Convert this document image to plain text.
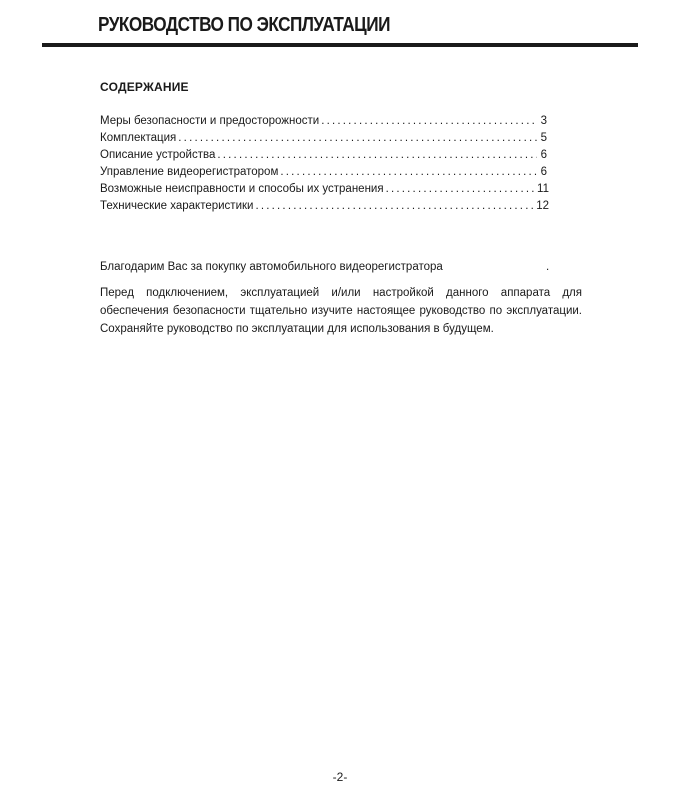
РУКОВОДСТВО ПО ЭКСПЛУАТАЦИИ
СОДЕРЖАНИЕ
Меры безопасности и предосторожности .....	3
Комплектация .....	5
Описание устройства .....	6
Управление видеорегистратором .....	6
Возможные неисправности и способы их устранения .....	11
Технические характеристики .....	12
Благодарим Вас за покупку автомобильного видеорегистратора	.
Перед подключением, эксплуатацией и/или настройкой данного аппарата для обеспечения безопасности тщательно изучите настоящее руководство по эксплуатации. Сохраняйте руководство по эксплуатации для использования в будущем.
-2-
